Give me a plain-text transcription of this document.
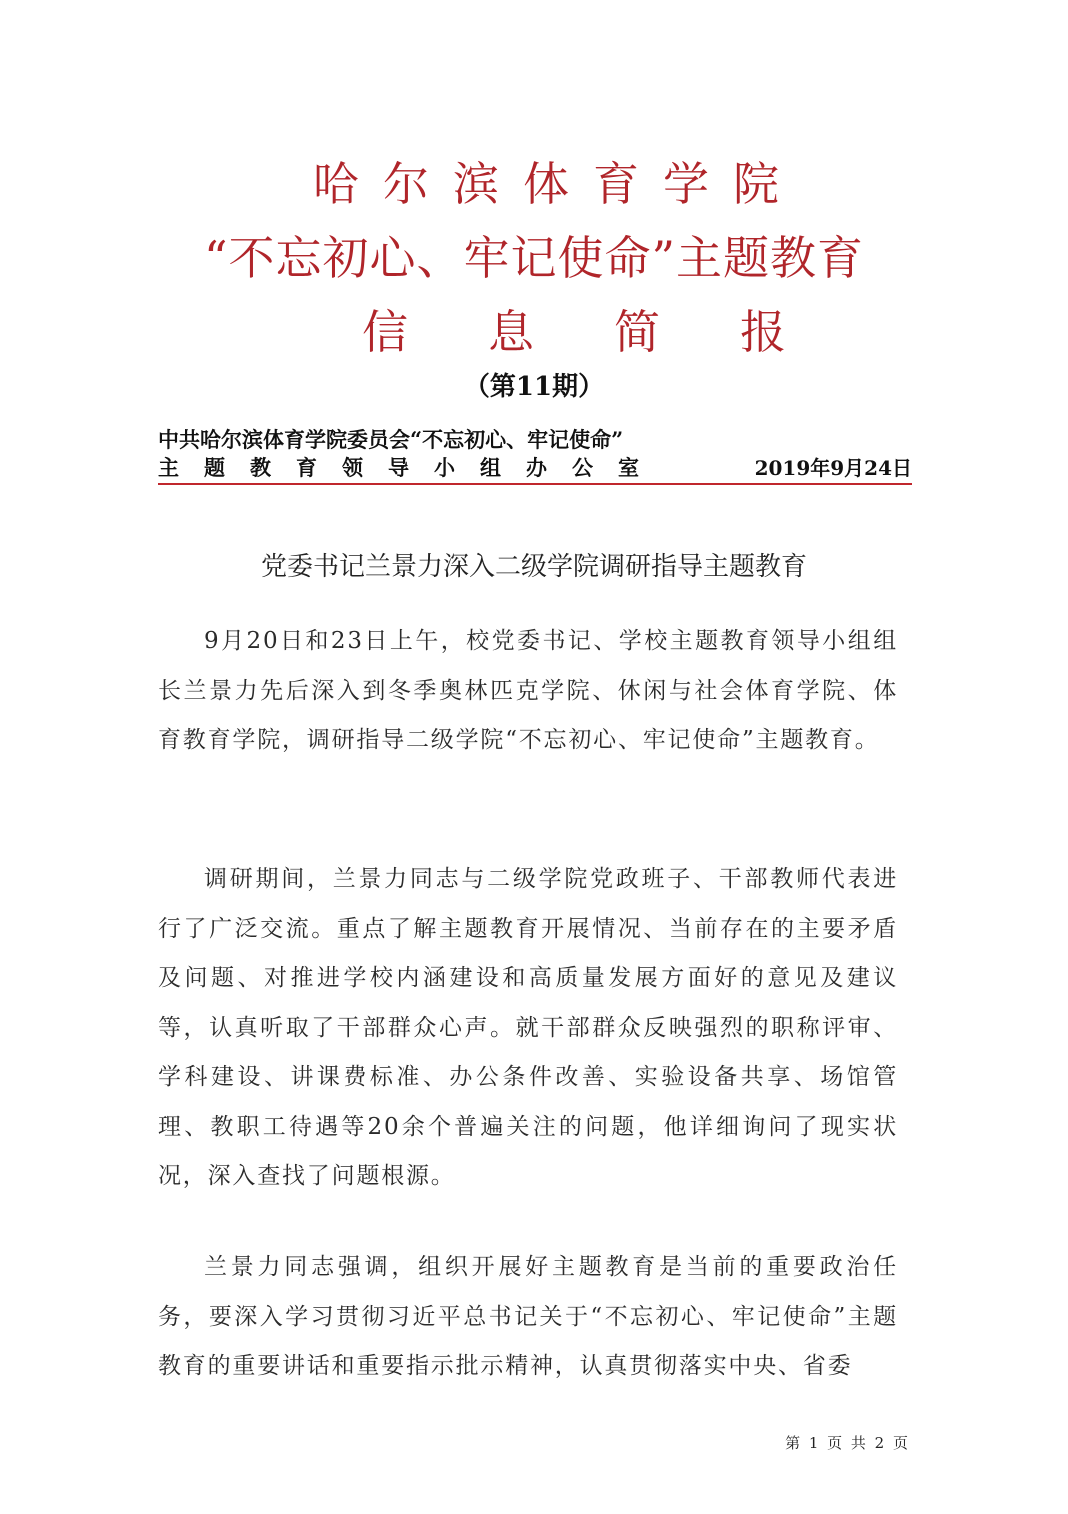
哈尔滨体育学院
“不忘初心、牢记使命”主题教育
信息简报
（第11期）
中共哈尔滨体育学院委员会“不忘初心、牢记使命”
主题教育领导小组办公室	2019年9月24日
党委书记兰景力深入二级学院调研指导主题教育

9月20日和23日上午，校党委书记、学校主题教育领导小组组长兰景力先后深入到冬季奥林匹克学院、休闲与社会体育学院、体育教育学院，调研指导二级学院“不忘初心、牢记使命”主题教育。

调研期间，兰景力同志与二级学院党政班子、干部教师代表进行了广泛交流。重点了解主题教育开展情况、当前存在的主要矛盾及问题、对推进学校内涵建设和高质量发展方面好的意见及建议等，认真听取了干部群众心声。就干部群众反映强烈的职称评审、学科建设、讲课费标准、办公条件改善、实验设备共享、场馆管理、教职工待遇等20余个普遍关注的问题，他详细询问了现实状况，深入查找了问题根源。

兰景力同志强调，组织开展好主题教育是当前的重要政治任务，要深入学习贯彻习近平总书记关于“不忘初心、牢记使命”主题教育的重要讲话和重要指示批示精神，认真贯彻落实中央、省委

第 1 页 共 2 页
